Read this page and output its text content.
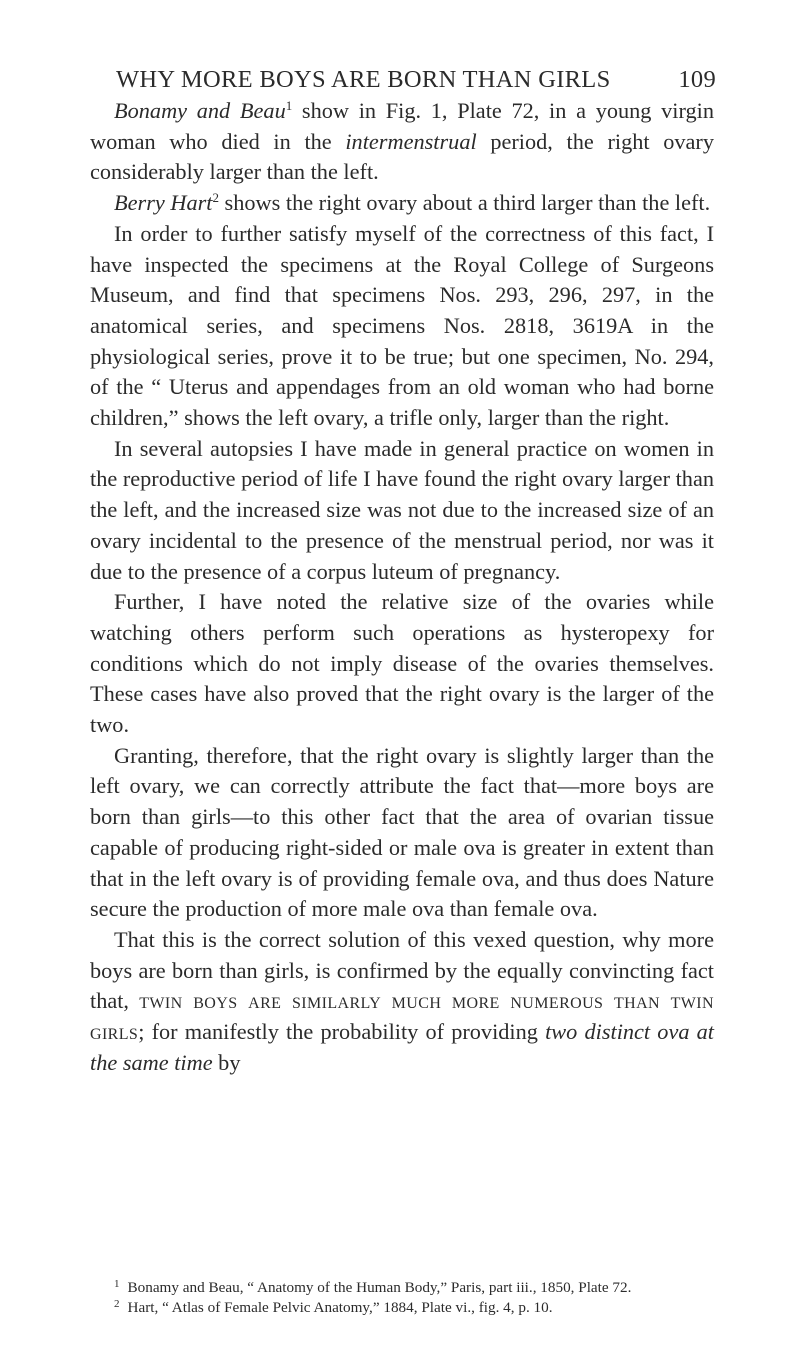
WHY MORE BOYS ARE BORN THAN GIRLS	109

Bonamy and Beau$^1$ show in Fig. 1, Plate 72, in a young virgin woman who died in the intermenstrual period, the right ovary considerably larger than the left.

Berry Hart$^2$ shows the right ovary about a third larger than the left.

In order to further satisfy myself of the correctness of this fact, I have inspected the specimens at the Royal College of Surgeons Museum, and find that specimens Nos. 293, 296, 297, in the anatomical series, and specimens Nos. 2818, 3619A in the physiological series, prove it to be true; but one specimen, No. 294, of the “ Uterus and appendages from an old woman who had borne children,” shows the left ovary, a trifle only, larger than the right.

In several autopsies I have made in general practice on women in the reproductive period of life I have found the right ovary larger than the left, and the increased size was not due to the increased size of an ovary incidental to the presence of the menstrual period, nor was it due to the presence of a corpus luteum of pregnancy.

Further, I have noted the relative size of the ovaries while watching others perform such operations as hysteropexy for conditions which do not imply disease of the ovaries themselves. These cases have also proved that the right ovary is the larger of the two.

Granting, therefore, that the right ovary is slightly larger than the left ovary, we can correctly attribute the fact that—more boys are born than girls—to this other fact that the area of ovarian tissue capable of producing right-sided or male ova is greater in extent than that in the left ovary is of providing female ova, and thus does Nature secure the production of more male ova than female ova.

That this is the correct solution of this vexed question, why more boys are born than girls, is confirmed by the equally convincting fact that, twin boys are similarly much more numerous than twin girls; for manifestly the probability of providing two distinct ova at the same time by

$^1$ Bonamy and Beau, “ Anatomy of the Human Body,” Paris, part iii., 1850, Plate 72.

$^2$ Hart, “ Atlas of Female Pelvic Anatomy,” 1884, Plate vi., fig. 4, p. 10.
